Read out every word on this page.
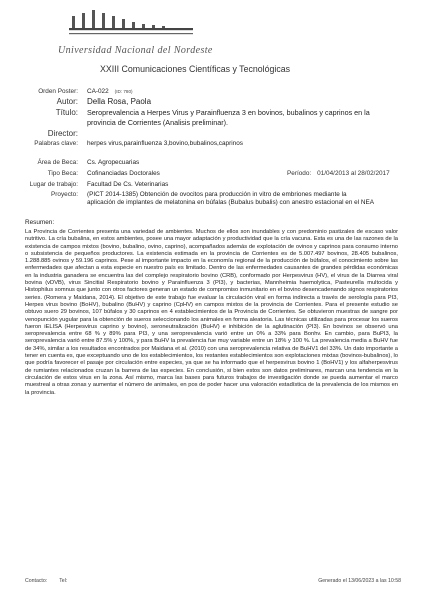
Universidad Nacional del Nordeste
XXIII Comunicaciones Científicas y Tecnológicas
Orden Poster: CA-022 (ID: 780)
Autor: Della Rosa, Paola
Título: Seroprevalencia a Herpes Virus y Parainfluenza 3 en bovinos, bubalinos y caprinos en la provincia de Corrientes (Analisis preliminar).
Director:
Palabras clave: herpes virus,parainfluenza 3,bovino,bubalinos,caprinos
Área de Beca: Cs. Agropecuarias
Tipo Beca: Cofinanciadas Doctorales	Período: 01/04/2013 al 28/02/2017
Lugar de trabajo: Facultad De Cs. Veterinarias
Proyecto: (PICT 2014-1385) Obtención de ovocitos para producción in vitro de embriones mediante la aplicación de implantes de melatonina en búfalas (Bubalus bubalis) con anestro estacional en el NEA
Resumen:

La Provincia de Corrientes presenta una variedad de ambientes. Muchos de ellos son inundables y con predominio pastizales de escaso valor nutritivo. La cría bubalina, en estos ambientes, posee una mayor adaptación y productividad que la cría vacuna. Esta es una de las razones de la existencia de campos mixtos (bovino, bubalino, ovino, caprino), acompañados además de explotación de ovinos y caprinos para consumo interno o subsistencia de pequeños productores. La existencia estimada en la provincia de Corrientes es de 5.007.497 bovinos, 28.405 bubalinos, 1.288.885 ovinos y 59.196 caprinos. Pese al importante impacto en la economía regional de la producción de búfalos, el conocimiento sobre las enfermedades que afectan a esta especie en nuestro país es limitado. Dentro de las enfermedades causantes de grandes pérdidas económicas en la industria ganadera se encuentra las del complejo respiratorio bovino (CRB), conformado por Herpesvirus (HV), el virus de la Diarrea viral bovina (vDVB), virus Sincitial Respiratorio bovino y Parainfluenza 3 (PI3), y bacterias, Mannheimia haemolytica, Pasteurella multocida y Histophilus somnus que junto con otros factores generan un estado de compromiso inmunitario en el bovino desencadenando signos respiratorios series. (Romera y Maidana, 2014). El objetivo de este trabajo fue evaluar la circulación viral en forma indirecta a través de serología para PI3, Herpes virus bovino (BoHV), bubalino (BuHV) y caprino (CpHV) en campos mixtos de la provincia de Corrientes. Para el presente estudio se obtuvo suero 29 bovinos, 107 búfalos y 30 caprinos en 4 establecimientos de la Provincia de Corrientes. Se obtuvieron muestras de sangre por venopunción yugular para la obtención de sueros seleccionando los animales en forma aleatoria. Las técnicas utilizadas para procesar los sueros fueron iELISA (Herpesvirus caprino y bovino), seroneutralización (BuHV) e inhibición de la aglutinación (PI3). En bovinos se observó una seroprevalencia entre 68 % y 89% para PI3, y una seroprevalencia varió entre un 0% a 33% para Bonhv. En cambio, para BuPI3, la seroprevalencia varió entre 87.5% y 100%, y para BuHV la prevalencia fue muy variable entre un 18% y 100 %. La prevalencia media a BuHV fue de 34%, similar a los resultados encontrados por Maidana et al. (2010) con una seroprevalencia relativa de BuHV1 del 33%. Un dato importante a tener en cuenta es, que exceptuando uno de los establecimientos, los restantes establecimientos son explotaciones mixtas (bovinos-bubalinos), lo que podría favorecer el pasaje por circulación entre especies, ya que se ha informado que el herpesvirus bovino 1 (BoHV1) y los alfaherpesvirus de rumiantes relacionados cruzan la barrera de las especies. En conclusión, si bien estos son datos preliminares, marcan una tendencia en la circulación de estos virus en la zona. Así mismo, marca las bases para futuros trabajos de investigación donde se pueda aumentar el marco muestreal a otras zonas y aumentar el número de animales, en pos de poder hacer una valoración estadística de la prevalencia de los mismos en la provincia.

Contacto: Tel:	Generado el 13/06/2023 a las 10:58
